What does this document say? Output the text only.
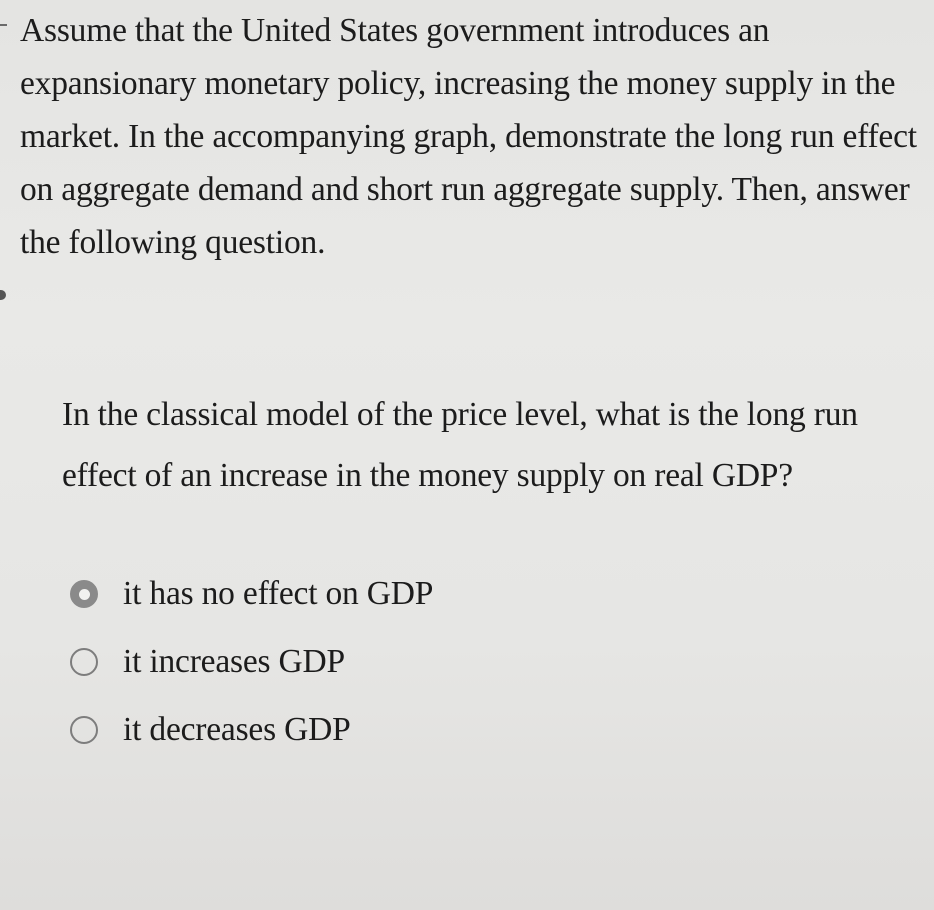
Assume that the United States government introduces an expansionary monetary policy, increasing the money supply in the market. In the accompanying graph, demonstrate the long run effect on aggregate demand and short run aggregate supply. Then, answer the following question.

In the classical model of the price level, what is the long run effect of an increase in the money supply on real GDP?

it has no effect on GDP
it increases GDP
it decreases GDP
